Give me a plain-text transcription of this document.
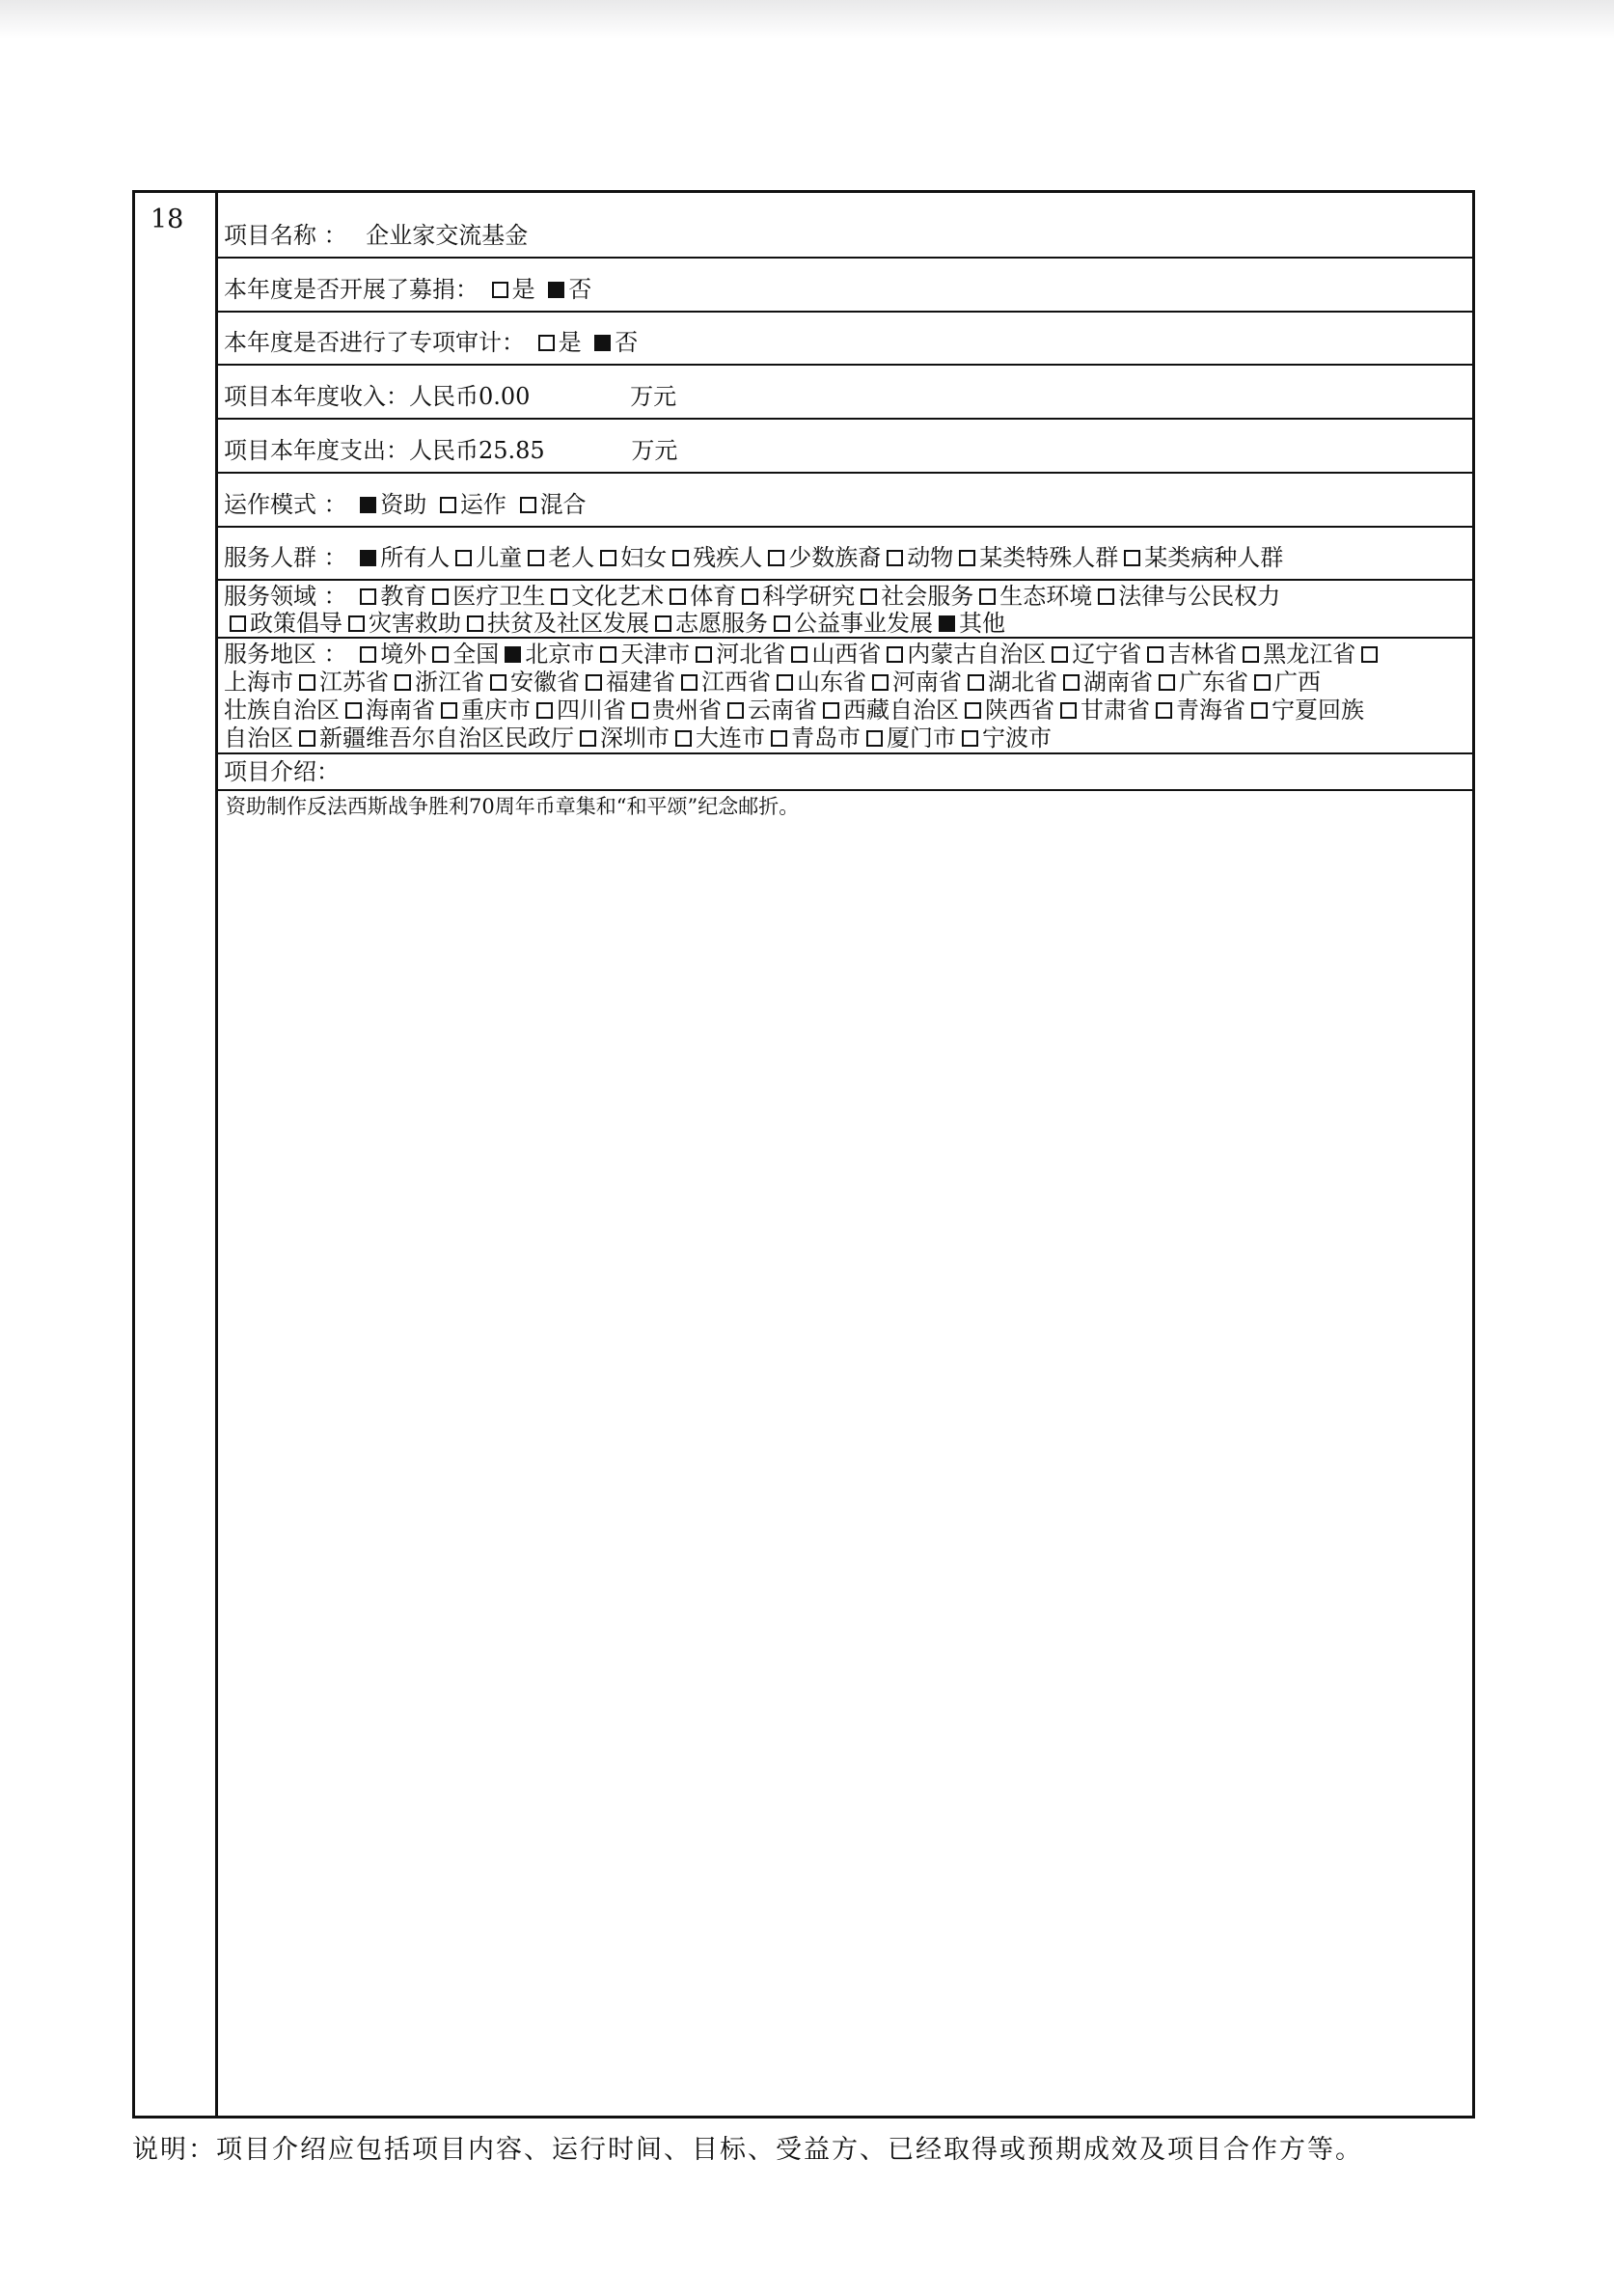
18
项目名称 ： 企业家交流基金
本年度是否开展了募捐： 是 否
本年度是否进行了专项审计： 是 否
项目本年度收入：人民币0.00	万元
项目本年度支出：人民币25.85	万元
运作模式 ： 资助 运作 混合
服务人群 ： 所有人 儿童 老人 妇女 残疾人 少数族裔 动物 某类特殊人群 某类病种人群
服务领域 ： 教育 医疗卫生 文化艺术 体育 科学研究 社会服务 生态环境 法律与公民权力
政策倡导 灾害救助 扶贫及社区发展 志愿服务 公益事业发展 其他
服务地区 ： 境外 全国 北京市 天津市 河北省 山西省 内蒙古自治区 辽宁省 吉林省 黑龙江省
上海市 江苏省 浙江省 安徽省 福建省 江西省 山东省 河南省 湖北省 湖南省 广东省 广西
壮族自治区 海南省 重庆市 四川省 贵州省 云南省 西藏自治区 陕西省 甘肃省 青海省 宁夏回族
自治区 新疆维吾尔自治区民政厅 深圳市 大连市 青岛市 厦门市 宁波市
项目介绍：
资助制作反法西斯战争胜利70周年币章集和“和平颂”纪念邮折。
说明：项目介绍应包括项目内容、运行时间、目标、受益方、已经取得或预期成效及项目合作方等。
